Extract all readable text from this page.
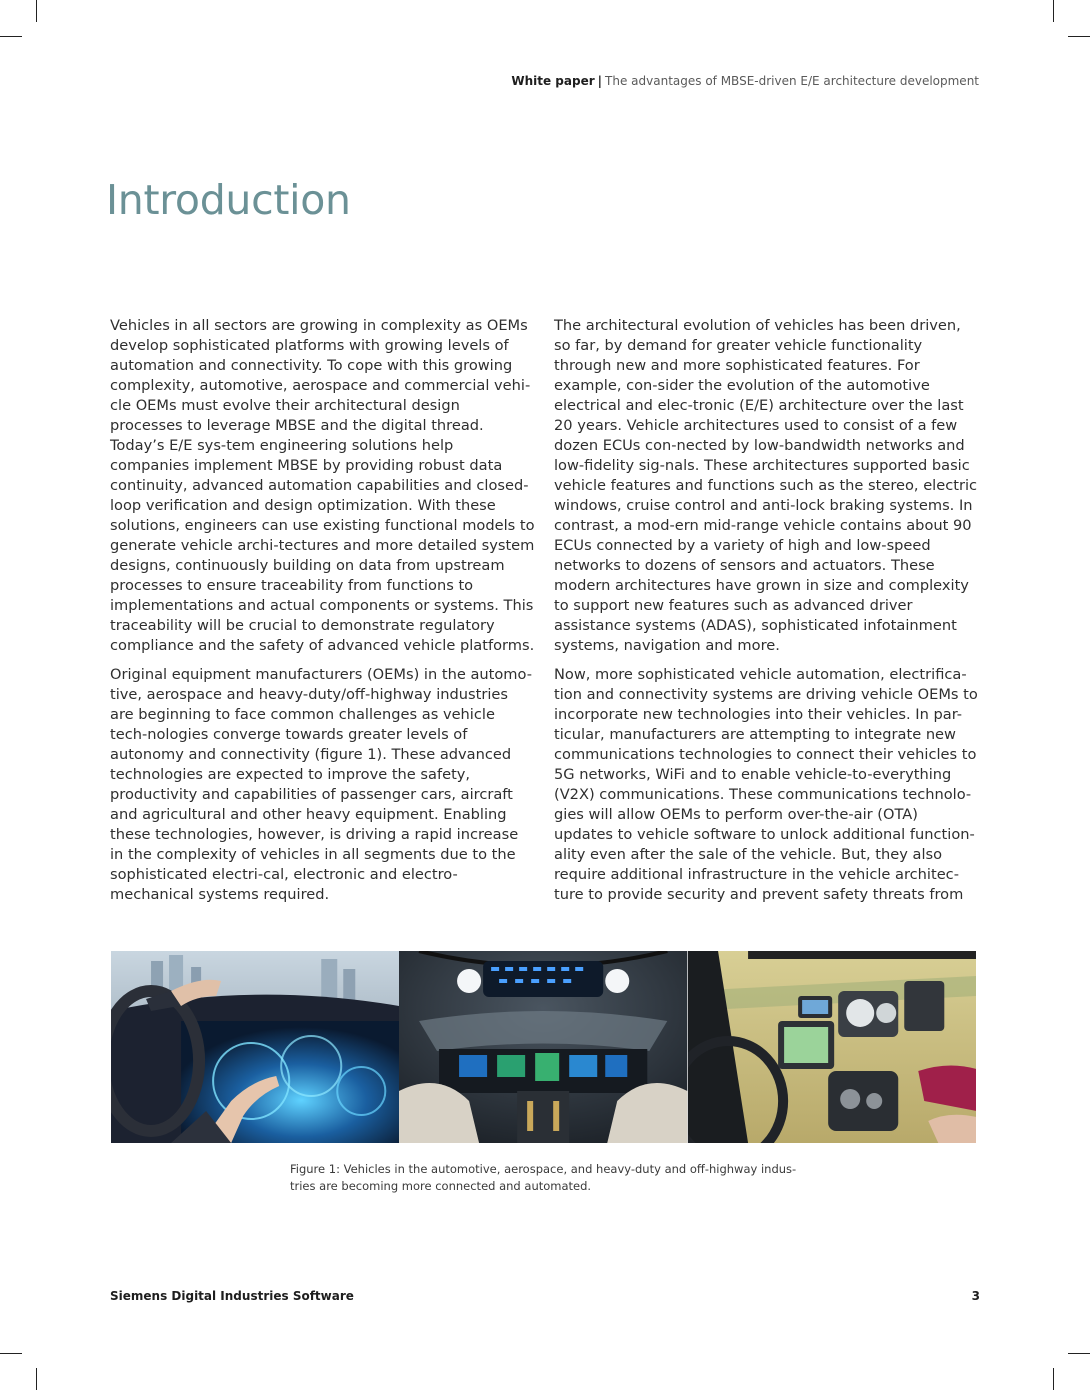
White paper | The advantages of MBSE-driven E/E architecture development
Introduction

Vehicles in all sectors are growing in complexity as OEMs develop sophisticated platforms with growing levels of automation and connectivity. To cope with this growing complexity, automotive, aerospace and commercial vehi-cle OEMs must evolve their architectural design processes to leverage MBSE and the digital thread. Today’s E/E sys-tem engineering solutions help companies implement MBSE by providing robust data continuity, advanced automation capabilities and closed-loop verification and design optimization. With these solutions, engineers can use existing functional models to generate vehicle archi-tectures and more detailed system designs, continuously building on data from upstream processes to ensure traceability from functions to implementations and actual components or systems. This traceability will be crucial to demonstrate regulatory compliance and the safety of advanced vehicle platforms.

Original equipment manufacturers (OEMs) in the automo-tive, aerospace and heavy-duty/off-highway industries are beginning to face common challenges as vehicle tech-nologies converge towards greater levels of autonomy and connectivity (figure 1). These advanced technologies are expected to improve the safety, productivity and capabilities of passenger cars, aircraft and agricultural and other heavy equipment. Enabling these technologies, however, is driving a rapid increase in the complexity of vehicles in all segments due to the sophisticated electri-cal, electronic and electro-mechanical systems required.

The architectural evolution of vehicles has been driven, so far, by demand for greater vehicle functionality through new and more sophisticated features. For example, con-sider the evolution of the automotive electrical and elec-tronic (E/E) architecture over the last 20 years. Vehicle architectures used to consist of a few dozen ECUs con-nected by low-bandwidth networks and low-fidelity sig-nals. These architectures supported basic vehicle features and functions such as the stereo, electric windows, cruise control and anti-lock braking systems. In contrast, a mod-ern mid-range vehicle contains about 90 ECUs connected by a variety of high and low-speed networks to dozens of sensors and actuators. These modern architectures have grown in size and complexity to support new features such as advanced driver assistance systems (ADAS), sophisticated infotainment systems, navigation and more.

Now, more sophisticated vehicle automation, electrifica-tion and connectivity systems are driving vehicle OEMs to incorporate new technologies into their vehicles. In par-ticular, manufacturers are attempting to integrate new communications technologies to connect their vehicles to 5G networks, WiFi and to enable vehicle-to-everything (V2X) communications. These communications technolo-gies will allow OEMs to perform over-the-air (OTA) updates to vehicle software to unlock additional function-ality even after the sale of the vehicle. But, they also require additional infrastructure in the vehicle architec-ture to provide security and prevent safety threats from

Figure 1: Vehicles in the automotive, aerospace, and heavy-duty and off-highway indus-tries are becoming more connected and automated.
Siemens Digital Industries Software	3
